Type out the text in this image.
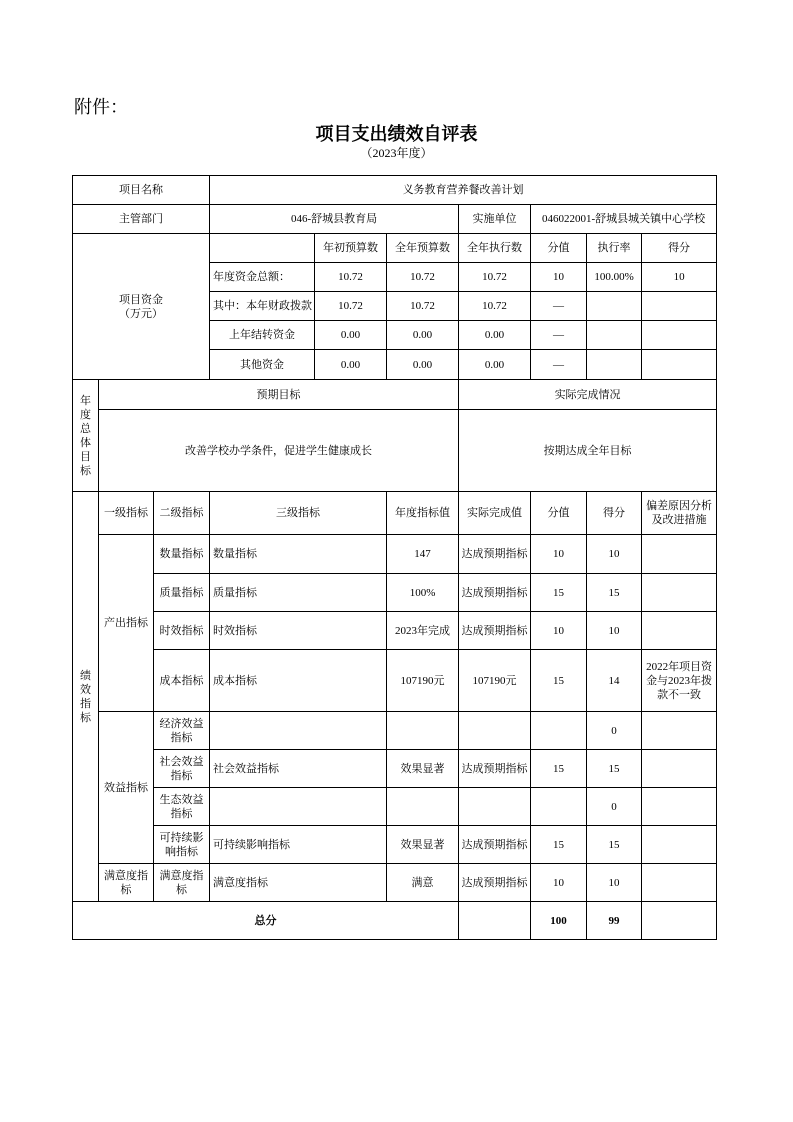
附件：
项目支出绩效自评表
（2023年度）
项目名称			义务教育营养餐改善计划						
主管部门			046-舒城县教育局			实施单位	046022001-舒城县城关镇中心学校		
项目资金
（万元）				年初预算数	全年预算数	全年执行数	分值	执行率	得分
			年度资金总额：	10.72	10.72	10.72	10	100.00%	10
			其中：本年财政拨款	10.72	10.72	10.72	—		
			上年结转资金	0.00	0.00	0.00	—		
			其他资金	0.00	0.00	0.00	—		
年度总体目标	预期目标					实际完成情况			
	改善学校办学条件，促进学生健康成长					按期达成全年目标			
绩效指标	一级指标	二级指标	三级指标		年度指标值	实际完成值	分值	得分	偏差原因分析及改进措施
	产出指标	数量指标	数量指标		147	达成预期指标	10	10	
		质量指标	质量指标		100%	达成预期指标	15	15	
		时效指标	时效指标		2023年完成	达成预期指标	10	10	
		成本指标	成本指标		107190元	107190元	15	14	2022年项目资金与2023年拨款不一致
	效益指标	经济效益指标						0	
		社会效益指标	社会效益指标		效果显著	达成预期指标	15	15	
		生态效益指标						0	
		可持续影响指标	可持续影响指标		效果显著	达成预期指标	15	15	
	满意度指标	满意度指标	满意度指标		满意	达成预期指标	10	10	
总分							100	99	
